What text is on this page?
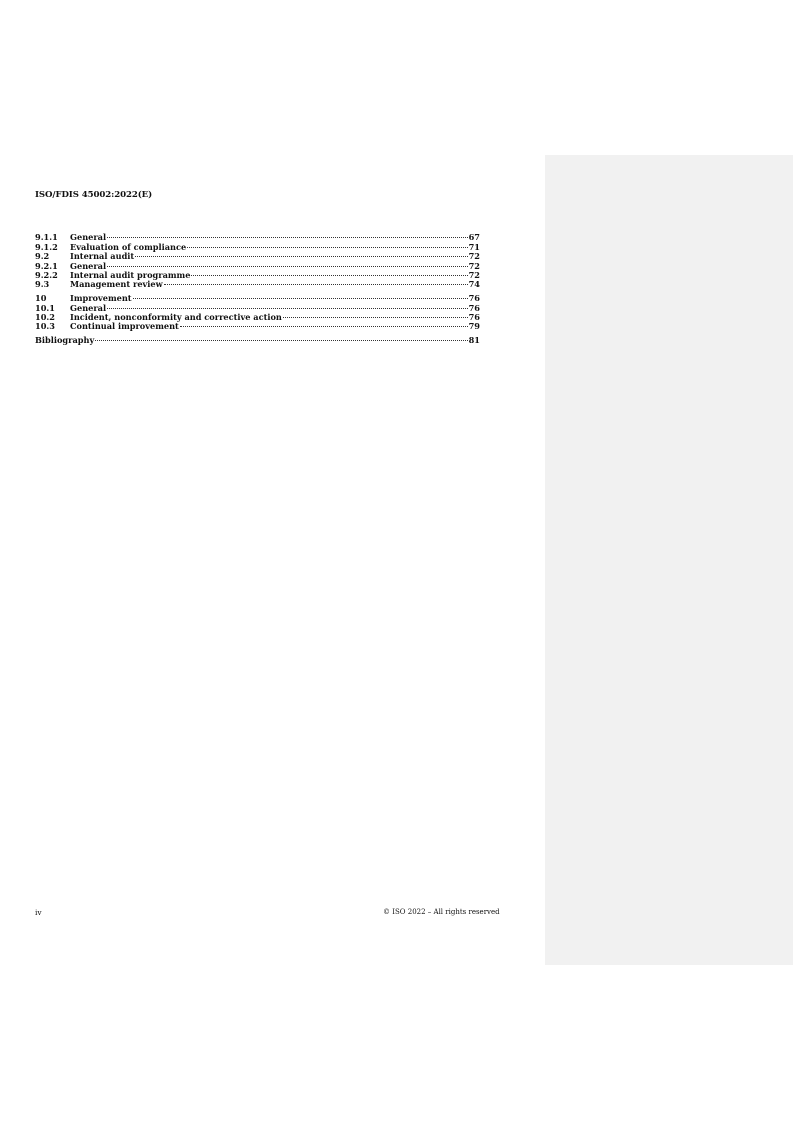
ISO/FDIS 45002:2022(E)
9.1.1	General	67
9.1.2	Evaluation of compliance	71
9.2	Internal audit	72
9.2.1	General	72
9.2.2	Internal audit programme	72
9.3	Management review	74
10	Improvement	76
10.1	General	76
10.2	Incident, nonconformity and corrective action	76
10.3	Continual improvement	79
Bibliography	81
iv	© ISO 2022 – All rights reserved
